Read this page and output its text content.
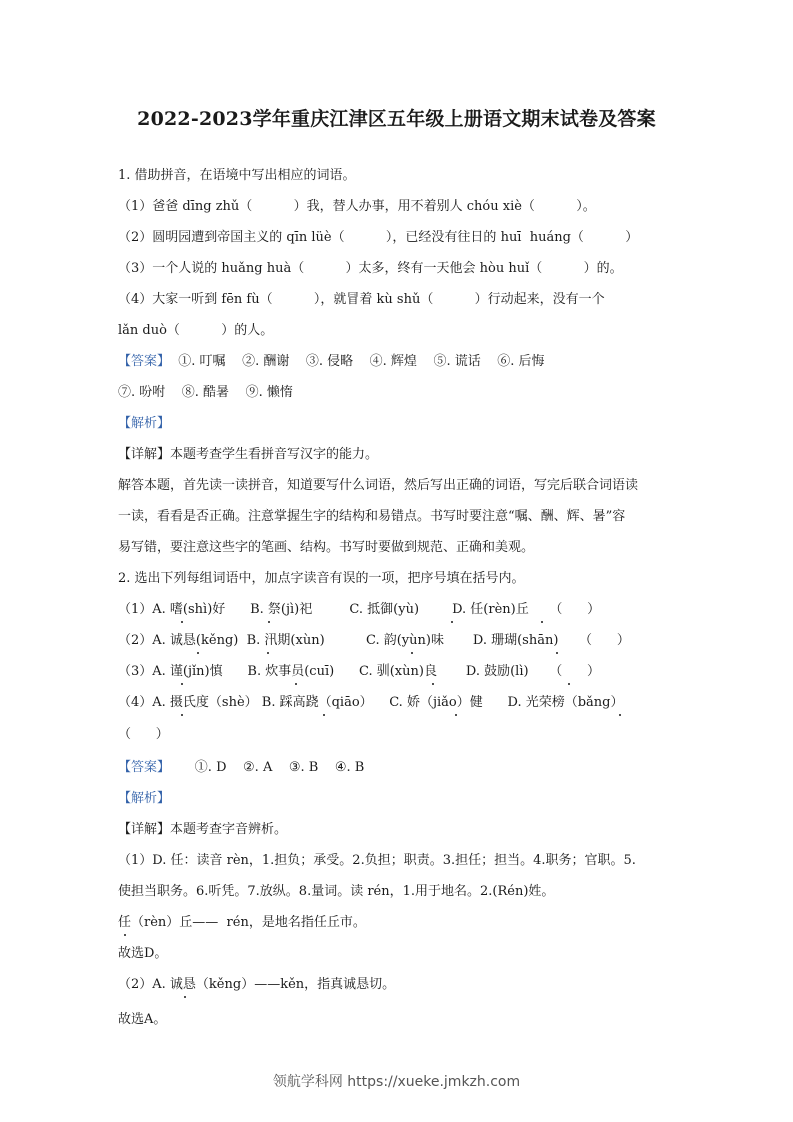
2022-2023学年重庆江津区五年级上册语文期末试卷及答案
1. 借助拼音，在语境中写出相应的词语。
（1）爸爸 dīng zhǔ（          ）我，替人办事，用不着别人 chóu xiè（          ）。
（2）圆明园遭到帝国主义的 qīn lüè（          ），已经没有往日的 huī  huáng（          ）
（3）一个人说的 huǎng huà（          ）太多，终有一天他会 hòu huǐ（          ）的。
（4）大家一听到 fēn fù（          ），就冒着 kù shǔ（          ）行动起来，没有一个
lǎn duò（          ）的人。
【答案】  ①. 叮嘱    ②. 酬谢    ③. 侵略    ④. 辉煌    ⑤. 谎话    ⑥. 后悔
⑦. 吩咐    ⑧. 酷暑    ⑨. 懒惰
【解析】
【详解】本题考查学生看拼音写汉字的能力。
解答本题，首先读一读拼音，知道要写什么词语，然后写出正确的词语，写完后联合词语读
一读，看看是否正确。注意掌握生字的结构和易错点。书写时要注意“嘱、酬、辉、暑”容
易写错，要注意这些字的笔画、结构。书写时要做到规范、正确和美观。
2. 选出下列每组词语中，加点字读音有误的一项，把序号填在括号内。
（1）A. 嗜(shì)好      B. 祭(jì)祀         C. 抵御(yù)        D. 任(rèn)丘     （      ）
（2）A. 诚恳(kěng)  B. 汛期(xùn)          C. 韵(yùn)味       D. 珊瑚(shān)     （      ）
（3）A. 谨(jǐn)慎      B. 炊事员(cuī)      C. 驯(xùn)良       D. 鼓励(lì)     （      ）
（4）A. 摄氏度（shè） B. 踩高跷（qiāo）    C. 娇（jiǎo）健      D. 光荣榜（bǎng）
（      ）
【答案】      ①. D    ②. A    ③. B    ④. B
【解析】
【详解】本题考查字音辨析。
（1）D. 任：读音 rèn，1.担负；承受。2.负担；职责。3.担任；担当。4.职务；官职。5.
使担当职务。6.听凭。7.放纵。8.量词。读 rén，1.用于地名。2.(Rén)姓。
任（rèn）丘——  rén，是地名指任丘市。
故选D。
（2）A. 诚恳（kěng）——kěn，指真诚恳切。
故选A。
领航学科网 https://xueke.jmkzh.com
